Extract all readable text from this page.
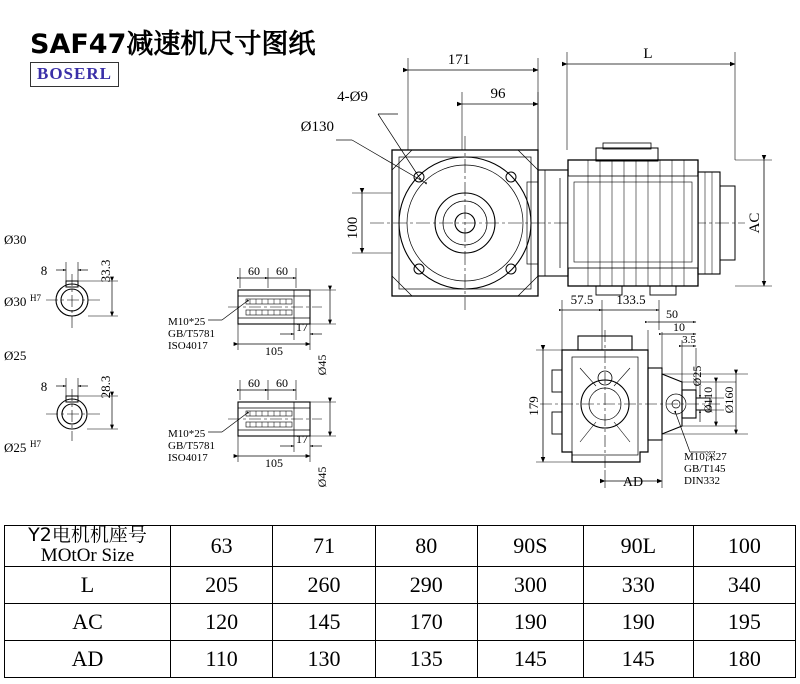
SAF47减速机尺寸图纸
BOSERL
171	L
4-Ø9	96
Ø130
100	AC
Ø30
8	33.3
Ø30 H7
Ø25
8	28.3
Ø25 H7
60 60
17
105
Ø45
M10*25
GB/T5781
ISO4017
60 60
17
105
Ø45
M10*25
GB/T5781
ISO4017
57.5 133.5
50
10
3.5
179
Ø25
Ø110 Ø160
AD
M10深27
GB/T145
DIN332
Y2电机机座号
MOtOr Size	63	71	80	90S	90L	100
L	205	260	290	300	330	340
AC	120	145	170	190	190	195
AD	110	130	135	145	145	180
